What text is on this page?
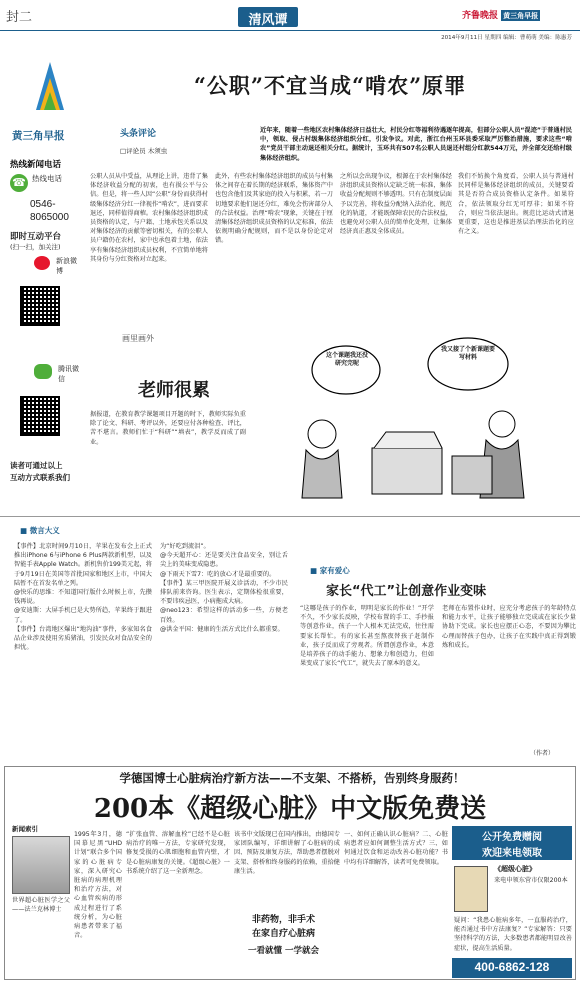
封二	清风谭	齐鲁晚报 黄三角早报
2014年9月11日 星期四 编辑：曹萌萌 美编：陈惠芳
黄三角早报
热线新闻电话
☎ 热线电话
0546-8065000
即时互动平台
(扫一扫，加关注)
新浪微博
腾讯微信
读者可通过以上
互动方式联系我们
“公职”不宜当成“啃农”原罪
头条评论
□评论员 木须虫
近年来，随着一些地区农村集体经济日益壮大，村民分红等福利待遇逐年提高，但部分公职人员“混迹”于普通村民中，领取、侵占村级集体经济组织分红，引发争议。对此，浙江台州玉环县委采取严厉整治措施，要求这些“啃农”党员干部主动退还相关分红。据统计，玉环共有507名公职人员退还村组分红款544万元，并全部交还给村级集体经济组织。
公职人员从中受益，从理论上讲，违背了集体经济收益分配的初衷，也有损公平与公信。但是，将一些人因“公职”身份而获得村级集体经济分红一律视作“啃农”，进而要求退还，同样值得商榷。农村集体经济组织成员资格的认定，与户籍、土地承包关系以及对集体经济的贡献等密切相关，有的公职人员户籍仍在农村，家中也承包着土地，依法享有集体经济组织成员权利，不宜简单地将其身份与分红资格对立起来。
此外，有些农村集体经济组织的成员与村集体之间存在着长期的经济联系，集体资产中也包含他们及其家庭的投入与积累，若一刀切地要求他们退还分红，难免会伤害部分人的合法权益。治理“啃农”现象，关键在于厘清集体经济组织成员资格的认定标准，依法依规明确分配规则，而不是以身份论定对错。
之所以会出现争议，根源在于农村集体经济组织成员资格认定缺乏统一标准，集体收益分配规则不够透明。只有在制度层面予以完善，将收益分配纳入法治化、规范化的轨道，才能既保障农民的合法权益，也避免对公职人员的简单化处理，让集体经济真正惠及全体成员。
我们不妨换个角度看，公职人员与普通村民同样是集体经济组织的成员，关键要看其是否符合成员资格认定条件。如果符合，依法领取分红无可厚非；如果不符合，则应当依法退出。规范比运动式清退更重要，这也是推进基层治理法治化的应有之义。
画里画外
老师很累
据报道，在教育教学课题项目开题的时下，教师实际负重除了论文、科研、考评以外，还要应付各种检查、评比，苦不堪言。教师们忙于“科研”“填表”，教学反而成了副业。
这个课题我还没研究完呢
我又接了个新课题要写材料
■ 微言大义
【事件】北京时间9月10日，苹果在发布会上正式推出iPhone 6与iPhone 6 Plus两款新机型，以及智能手表Apple Watch。新机售价199美元起，将于9月19日在美国等首批国家和地区上市，中国大陆暂不在首发名单之列。
@快乐的思维：不知道国行版什么时候上市，先攒钱再说。
@安迪斯：大屏手机已是大势所趋，苹果终于跟进了。
【事件】台湾地区爆出“地沟油”事件，多家知名食品企业涉及使用劣质猪油，引发民众对食品安全的担忧。
为“好吃到流泪”。
@今天超开心：还是要关注食品安全，别让舌尖上的美味变成隐患。
@下雨天下雪7：吃的放心才是最重要的。
【事件】某三甲医院开展义诊活动，不少市民排队前来咨询。医生表示，定期体检很重要，不要讳疾忌医，小病拖成大病。
@neo123：希望这样的活动多一些，方便老百姓。
@洪金平国：健康的生活方式比什么都重要。
■ 家有爱心
家长“代工”让创意作业变味
“这哪是孩子的作业，明明是家长的作业！”开学不久，不少家长反映，学校布置的手工、手抄报等创意作业，孩子一个人根本无法完成，往往需要家长帮忙。有的家长甚至熬夜替孩子赶制作业，孩子反而成了旁观者。所谓创意作业，本意是培养孩子的动手能力、想象力和创造力，但如果变成了家长“代工”，就失去了原本的意义。
老师在布置作业时，应充分考虑孩子的年龄特点和能力水平，让孩子能够独立完成或在家长少量协助下完成。家长也应摆正心态，不要因为攀比心理而替孩子包办，让孩子在实践中真正得到锻炼和成长。
（作者）
学德国博士心脏病治疗新方法——不支架、不搭桥，告别终身服药！
200本《超级心脏》中文版免费送
新闻索引
世界超心脏医学之父——法兰克林博士
1995年3月，德国慕尼黑“UHD计划”联合多个国家的心脏病专家，深入研究心脏病的病理机理和治疗方法，对心血管疾病的形成过程进行了系统分析，为心脏病患者带来了福音。
“扩张血管、溶解血栓”已经不是心脏病治疗的唯一方法，专家研究发现，修复受损的心肌细胞和血管内壁，才是心脏病康复的关键。《超级心脏》一书系统介绍了这一全新理念。
该书中文版现已在国内推出，由德国专家团队编写，详细讲解了心脏病的成因、预防及康复方法，帮助患者摆脱对支架、搭桥和终身服药的依赖，重拾健康生活。
非药物，非手术
在家自疗心脏病
一看就懂 一学就会
一、如何正确认识心脏病？二、心脏病患者应如何调整生活方式？三、如何通过饮食和运动改善心脏功能？书中均有详细解答，读者可免费领取。
公开免费赠阅
欢迎来电领取
《超级心脏》
来电申领东营市仅限200本
疑问：“我患心脏病多年，一直服药治疗，能否通过书中方法康复？”专家解答：只要坚持科学的方法，大多数患者都能明显改善症状，提高生活质量。
400-6862-128
